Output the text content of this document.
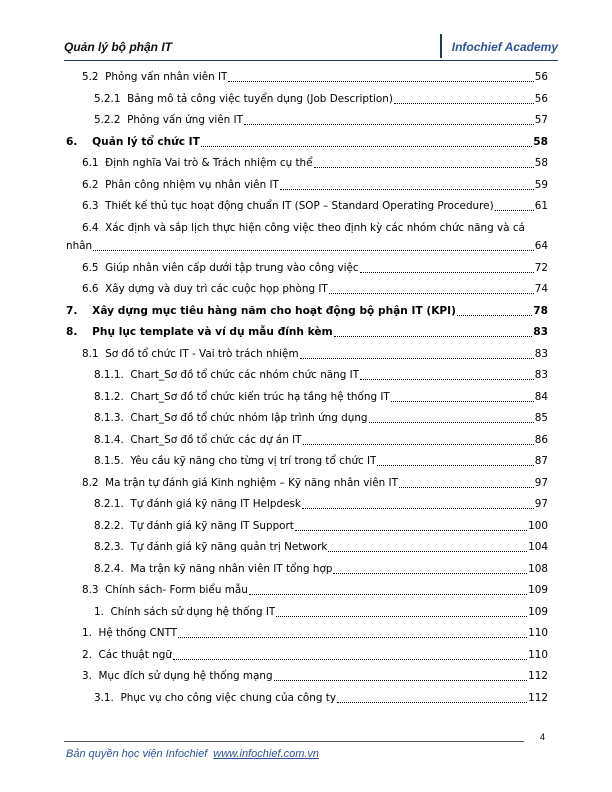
Quản lý bộ phận IT	Infochief Academy
5.2
Phỏng vấn nhân viên IT	56
5.2.1
Bảng mô tả công việc tuyển dụng (Job Description)	56
5.2.2
Phỏng vấn ứng viên IT	57
6.
Quản lý tổ chức IT	58
6.1
Định nghĩa Vai trò & Trách nhiệm cụ thể	58
6.2
Phân công nhiệm vụ nhân viên IT	59
6.3
Thiết kế thủ tục hoạt động chuẩn IT (SOP – Standard Operating Procedure)	61
6.4 Xác định và sắp lịch thực hiện công việc theo định kỳ các nhóm chức năng và cá
nhân	64
6.5
Giúp nhân viên cấp dưới tập trung vào công việc	72
6.6
Xây dựng và duy trì các cuộc họp phòng IT	74
7.
Xây dựng mục tiêu hàng năm cho hoạt động bộ phận IT (KPI)	78
8.
Phụ lục template và ví dụ mẫu đính kèm	83
8.1
Sơ đồ tổ chức IT - Vai trò trách nhiệm	83
8.1.1.
Chart_Sơ đồ tổ chức các nhóm chức năng IT	83
8.1.2.
Chart_Sơ đồ tổ chức kiến trúc hạ tầng hệ thống IT	84
8.1.3.
Chart_Sơ đồ tổ chức nhóm lập trình ứng dụng	85
8.1.4.
Chart_Sơ đồ tổ chức các dự án IT	86
8.1.5.
Yêu cầu kỹ năng cho từng vị trí trong tổ chức IT	87
8.2
Ma trận tự đánh giá Kinh nghiệm – Kỹ năng nhân viên IT	97
8.2.1.
Tự đánh giá kỹ năng IT Helpdesk	97
8.2.2.
Tự đánh giá kỹ năng IT Support	100
8.2.3.
Tự đánh giá kỹ năng quản trị Network	104
8.2.4.
Ma trận kỹ năng nhân viên IT tổng hợp	108
8.3
Chính sách- Form biểu mẫu	109
1.
Chính sách sử dụng hệ thống IT	109
1.
Hệ thống CNTT	110
2.
Các thuật ngữ	110
3.
Mục đích sử dụng hệ thống mạng	112
3.1.
Phục vụ cho công việc chung của công ty	112
4
Bản quyền học viện Infochief www.infochief.com.vn
